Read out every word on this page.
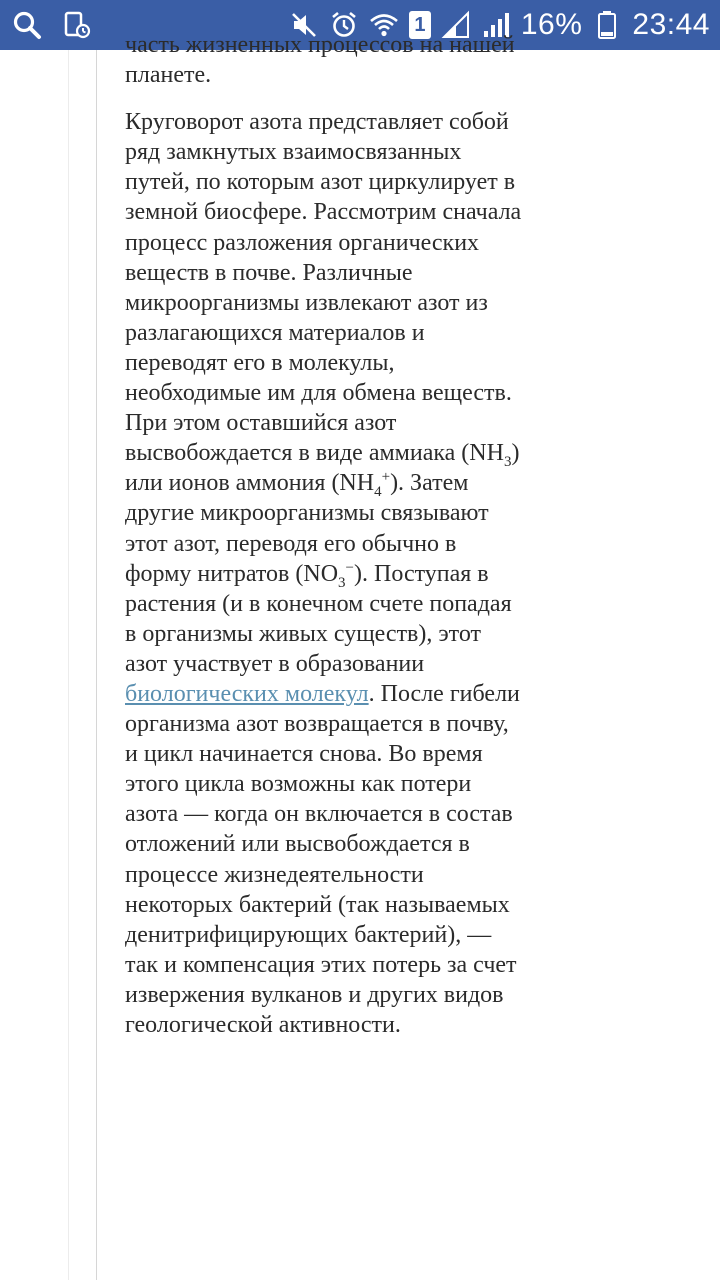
1	16% 23:44

часть жизненных процессов на нашей планете.

Круговорот азота представляет собой ряд замкнутых взаимосвязанных путей, по которым азот циркулирует в земной биосфере. Рассмотрим сначала процесс разложения органических веществ в почве. Различные микроорганизмы извлекают азот из разлагающихся материалов и переводят его в молекулы, необходимые им для обмена веществ. При этом оставшийся азот высвобождается в виде аммиака $(NH_3)$ или ионов аммония $(NH_4^+)$. Затем другие микроорганизмы связывают этот азот, переводя его обычно в форму нитратов $(NO_3^-)$. Поступая в растения (и в конечном счете попадая в организмы живых существ), этот азот участвует в образовании биологических молекул. После гибели организма азот возвращается в почву, и цикл начинается снова. Во время этого цикла возможны как потери азота — когда он включается в состав отложений или высвобождается в процессе жизнедеятельности некоторых бактерий (так называемых денитрифицирующих бактерий), — так и компенсация этих потерь за счет извержения вулканов и других видов геологической активности.
